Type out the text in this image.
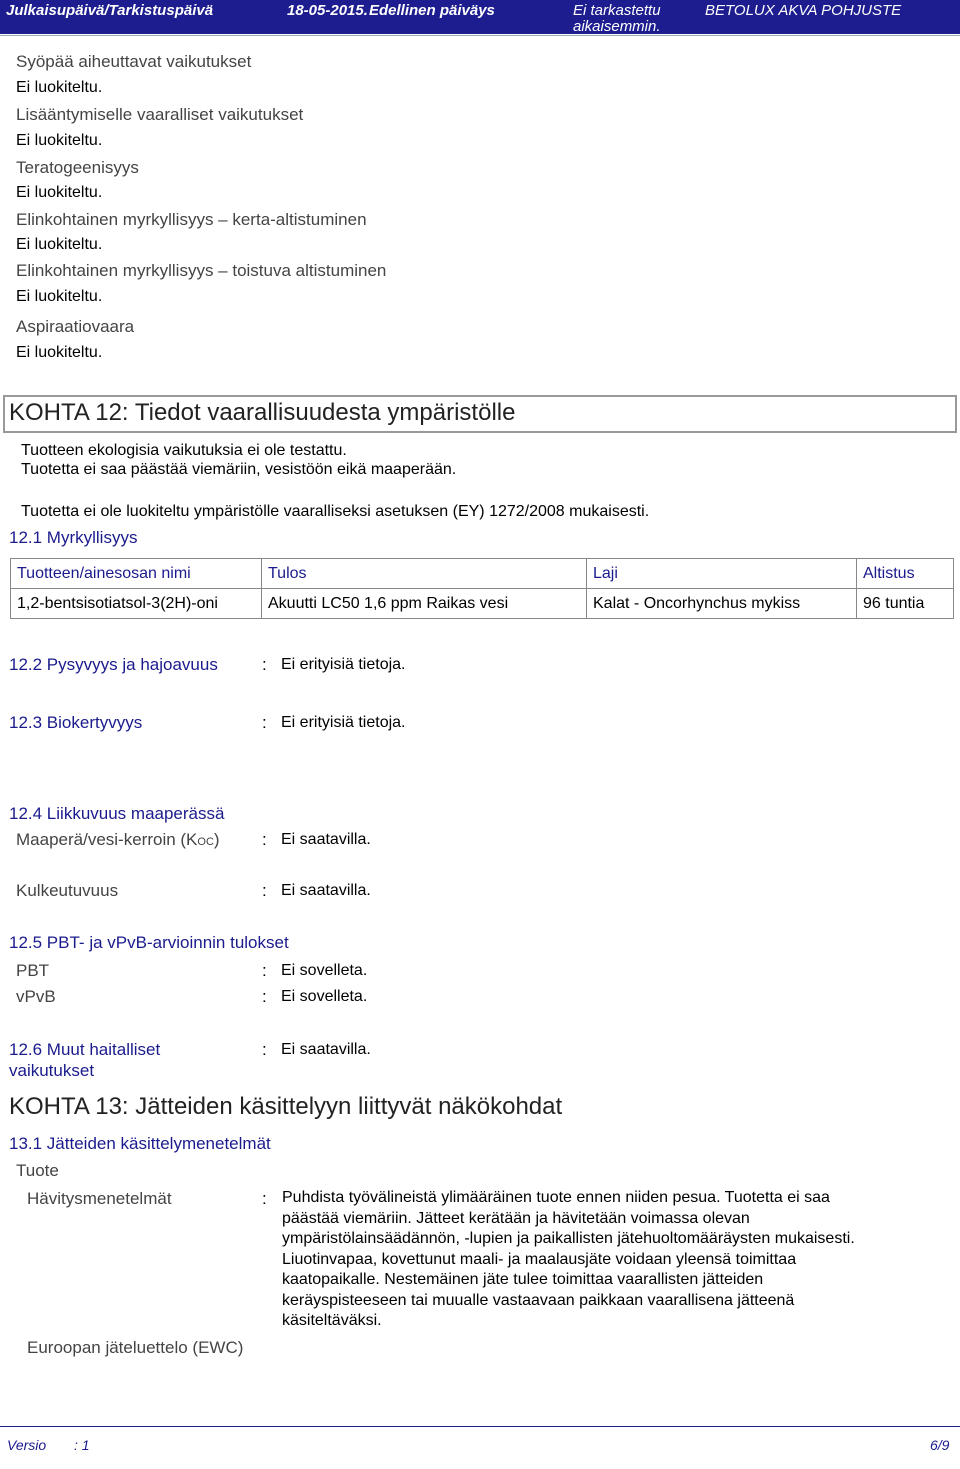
Julkaisupäivä/Tarkistuspäivä	18-05-2015. Edellinen päiväys	Ei tarkastettu
aikaisemmin.
BETOLUX AKVA POHJUSTE
Syöpää aiheuttavat vaikutukset
Ei luokiteltu.
Lisääntymiselle vaaralliset vaikutukset
Ei luokiteltu.
Teratogeenisyys
Ei luokiteltu.
Elinkohtainen myrkyllisyys – kerta-altistuminen
Ei luokiteltu.
Elinkohtainen myrkyllisyys – toistuva altistuminen
Ei luokiteltu.
Aspiraatiovaara
Ei luokiteltu.
KOHTA 12: Tiedot vaarallisuudesta ympäristölle
Tuotteen ekologisia vaikutuksia ei ole testattu.
Tuotetta ei saa päästää viemäriin, vesistöön eikä maaperään.
Tuotetta ei ole luokiteltu ympäristölle vaaralliseksi asetuksen (EY) 1272/2008 mukaisesti.
12.1 Myrkyllisyys
Tuotteen/ainesosan nimi	Tulos	Laji	Altistus
1,2-bentsisotiatsol-3(2H)-oni	Akuutti LC50 1,6 ppm Raikas vesi	Kalat - Oncorhynchus mykiss	96 tuntia
12.2 Pysyvyys ja hajoavuus	: Ei erityisiä tietoja.
12.3 Biokertyvyys	: Ei erityisiä tietoja.
12.4 Liikkuvuus maaperässä
Maaperä/vesi-kerroin (KOC) : Ei saatavilla.
Kulkeutuvuus	: Ei saatavilla.
12.5 PBT- ja vPvB-arvioinnin tulokset
PBT	: Ei sovelleta.
vPvB	: Ei sovelleta.
12.6 Muut haitalliset
vaikutukset
: Ei saatavilla.
KOHTA 13: Jätteiden käsittelyyn liittyvät näkökohdat
13.1 Jätteiden käsittelymenetelmät
Tuote
Hävitysmenetelmät	: Puhdista työvälineistä ylimääräinen tuote ennen niiden pesua. Tuotetta ei saa
päästää viemäriin. Jätteet kerätään ja hävitetään voimassa olevan
ympäristölainsäädännön, -lupien ja paikallisten jätehuoltomääräysten mukaisesti.
Liuotinvapaa, kovettunut maali- ja maalausjäte voidaan yleensä toimittaa
kaatopaikalle. Nestemäinen jäte tulee toimittaa vaarallisten jätteiden
keräyspisteeseen tai muualle vastaavaan paikkaan vaarallisena jätteenä
käsiteltäväksi.
Euroopan jäteluettelo (EWC)
Versio : 1	6/9
